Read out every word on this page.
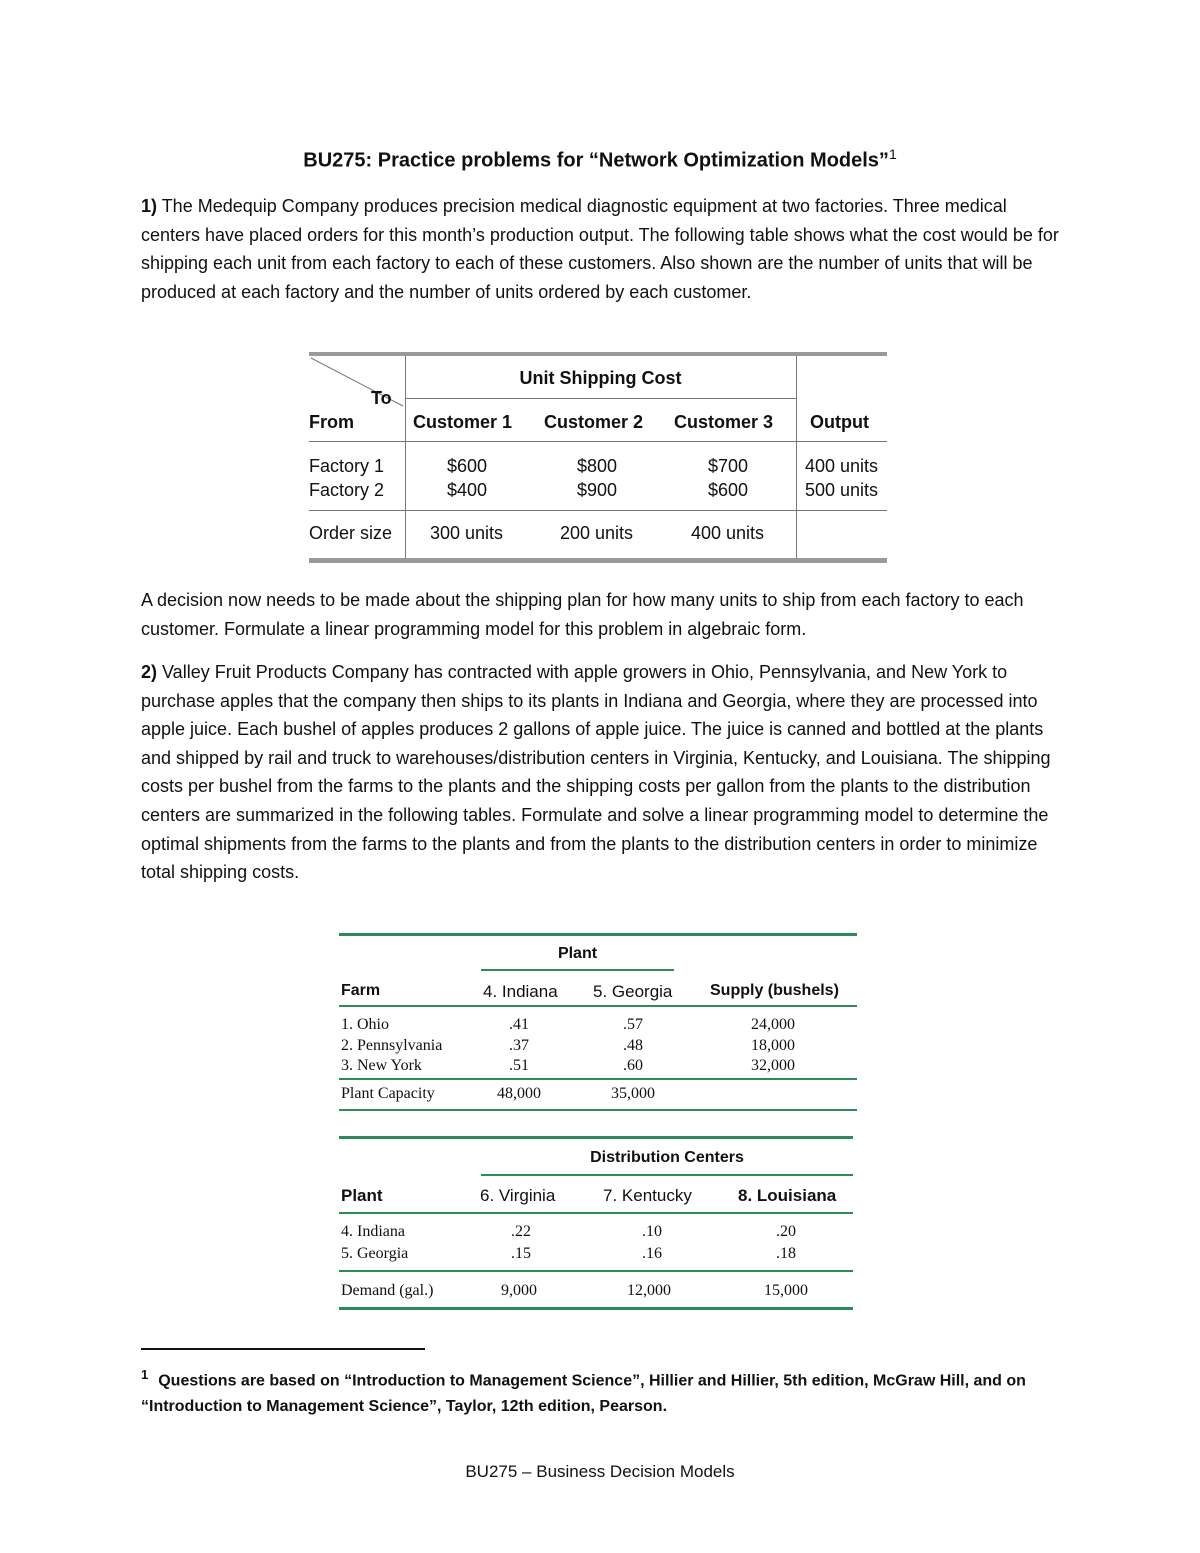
BU275: Practice problems for “Network Optimization Models”$^1$
1) The Medequip Company produces precision medical diagnostic equipment at two factories. Three medical centers have placed orders for this month’s production output. The following table shows what the cost would be for shipping each unit from each factory to each of these customers. Also shown are the number of units that will be produced at each factory and the number of units ordered by each customer.
To
From
Unit Shipping Cost
Customer 1 Customer 2 Customer 3 Output
Factory 1	$600	$800	$700	400 units
Factory 2	$400	$900	$600	500 units
Order size 300 units	200 units	400 units
A decision now needs to be made about the shipping plan for how many units to ship from each factory to each customer. Formulate a linear programming model for this problem in algebraic form.
2) Valley Fruit Products Company has contracted with apple growers in Ohio, Pennsylvania, and New York to purchase apples that the company then ships to its plants in Indiana and Georgia, where they are processed into apple juice. Each bushel of apples produces 2 gallons of apple juice. The juice is canned and bottled at the plants and shipped by rail and truck to warehouses/distribution centers in Virginia, Kentucky, and Louisiana. The shipping costs per bushel from the farms to the plants and the shipping costs per gallon from the plants to the distribution centers are summarized in the following tables. Formulate and solve a linear programming model to determine the optimal shipments from the farms to the plants and from the plants to the distribution centers in order to minimize total shipping costs.
Plant
Farm	4. Indiana 5. Georgia Supply (bushels)
1. Ohio	.41	.57	24,000
2. Pennsylvania	.37	.48	18,000
3. New York	.51	.60	32,000
Plant Capacity	48,000	35,000
Distribution Centers
Plant	6. Virginia	7. Kentucky	8. Louisiana
4. Indiana	.22	.10	.20
5. Georgia	.15	.16	.18
Demand (gal.)	9,000	12,000	15,000
$^1$ Questions are based on “Introduction to Management Science”, Hillier and Hillier, 5th edition, McGraw Hill, and on “Introduction to Management Science”, Taylor, 12th edition, Pearson.
BU275 – Business Decision Models
